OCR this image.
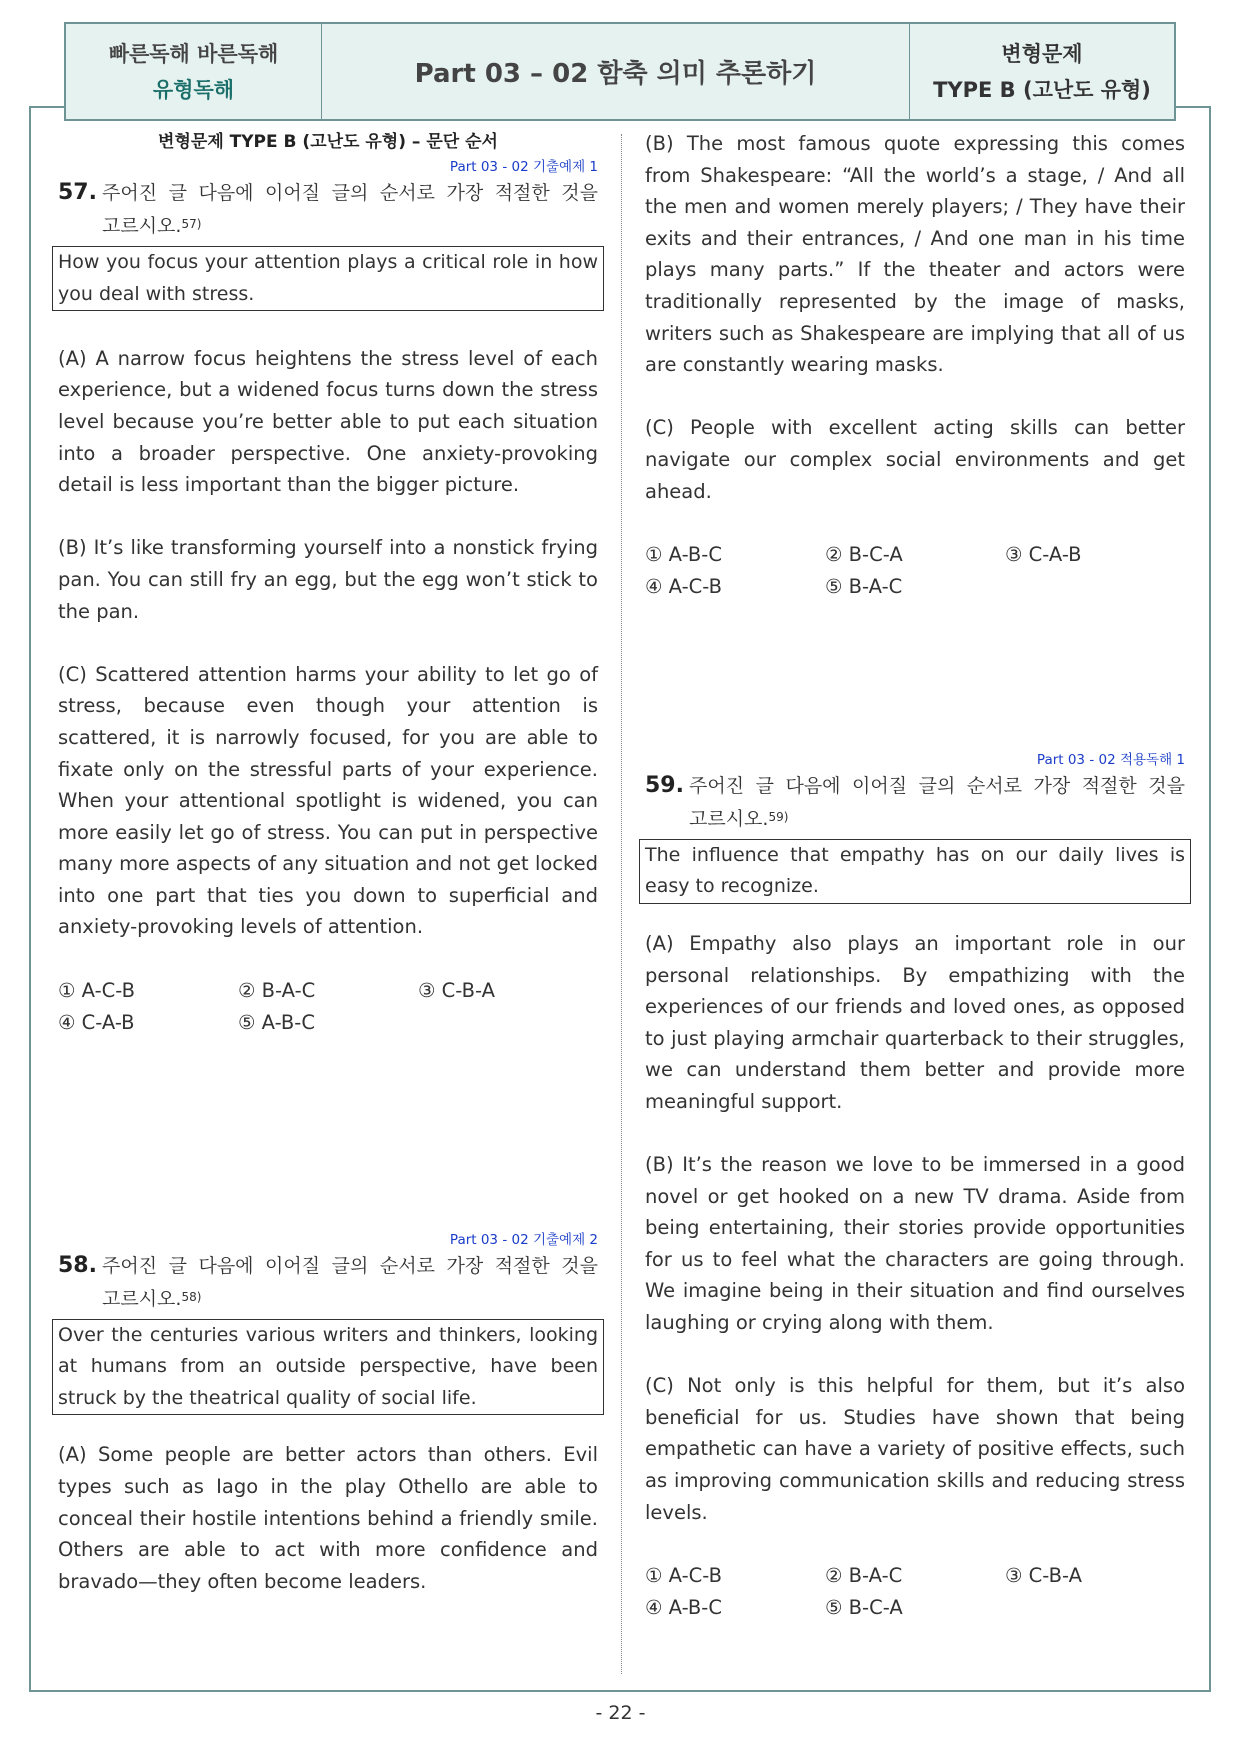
빠른독해 바른독해
유형독해
Part 03 – 02 함축 의미 추론하기
변형문제
TYPE B (고난도 유형)
변형문제 TYPE B (고난도 유형) – 문단 순서
Part 03 - 02 기출예제 1
57. 주어진 글 다음에 이어질 글의 순서로 가장 적절한 것을
고르시오.$^{57)}$
How you focus your attention plays a critical role in how you deal with stress.
(A) A narrow focus heightens the stress level of each experience, but a widened focus turns down the stress level because you’re better able to put each situation into a broader perspective. One anxiety-provoking detail is less important than the bigger picture.
(B) It’s like transforming yourself into a nonstick frying pan. You can still fry an egg, but the egg won’t stick to the pan.
(C) Scattered attention harms your ability to let go of stress, because even though your attention is scattered, it is narrowly focused, for you are able to fixate only on the stressful parts of your experience. When your attentional spotlight is widened, you can more easily let go of stress. You can put in perspective many more aspects of any situation and not get locked into one part that ties you down to superficial and anxiety-provoking levels of attention.
① A-C-B	② B-A-C	③ C-B-A
④ C-A-B	⑤ A-B-C
Part 03 - 02 기출예제 2
58. 주어진 글 다음에 이어질 글의 순서로 가장 적절한 것을
고르시오.$^{58)}$
Over the centuries various writers and thinkers, looking at humans from an outside perspective, have been struck by the theatrical quality of social life.
(A) Some people are better actors than others. Evil types such as Iago in the play Othello are able to conceal their hostile intentions behind a friendly smile. Others are able to act with more confidence and bravado—they often become leaders.
(B) The most famous quote expressing this comes from Shakespeare: “All the world’s a stage, / And all the men and women merely players; / They have their exits and their entrances, / And one man in his time plays many parts.” If the theater and actors were traditionally represented by the image of masks, writers such as Shakespeare are implying that all of us are constantly wearing masks.
(C) People with excellent acting skills can better navigate our complex social environments and get ahead.
① A-B-C	② B-C-A	③ C-A-B
④ A-C-B	⑤ B-A-C
Part 03 - 02 적용독해 1
59. 주어진 글 다음에 이어질 글의 순서로 가장 적절한 것을
고르시오.$^{59)}$
The influence that empathy has on our daily lives is easy to recognize.
(A) Empathy also plays an important role in our personal relationships. By empathizing with the experiences of our friends and loved ones, as opposed to just playing armchair quarterback to their struggles, we can understand them better and provide more meaningful support.
(B) It’s the reason we love to be immersed in a good novel or get hooked on a new TV drama. Aside from being entertaining, their stories provide opportunities for us to feel what the characters are going through. We imagine being in their situation and find ourselves laughing or crying along with them.
(C) Not only is this helpful for them, but it’s also beneficial for us. Studies have shown that being empathetic can have a variety of positive effects, such as improving communication skills and reducing stress levels.
① A-C-B	② B-A-C	③ C-B-A
④ A-B-C	⑤ B-C-A
- 22 -
